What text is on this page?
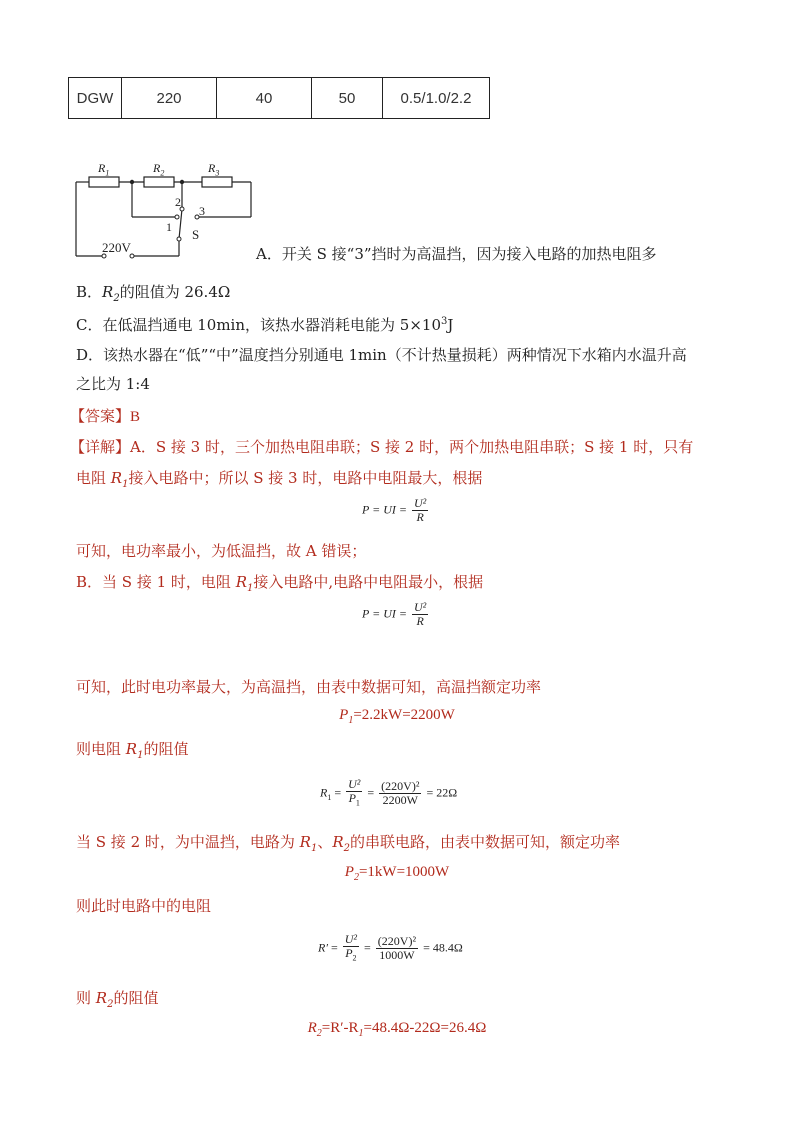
DGW	220	40	50	0.5/1.0/2.2
$R_1$	$R_2$	$R_3$
2
3
1 S
220V	A．开关 S 接“3”挡时为高温挡，因为接入电路的加热电阻多
B．$R_2$的阻值为 26.4Ω
C．在低温挡通电 10min，该热水器消耗电能为 $5\times 10^3J$
D．该热水器在“低”“中”温度挡分别通电 1min（不计热量损耗）两种情况下水箱内水温升高
之比为 1:4
【答案】B
【详解】A．S 接 3 时，三个加热电阻串联；S 接 2 时，两个加热电阻串联；S 接 1 时，只有
电阻 $R_1$接入电路中；所以 S 接 3 时，电路中电阻最大，根据
P = UI = $\frac{\text{U²}}{R}$
可知，电功率最小，为低温挡，故 A 错误；
B．当 S 接 1 时，电阻 $R_1$接入电路中,电路中电阻最小，根据
P = UI = $\frac{\text{U²}}{R}$
可知，此时电功率最大，为高温挡，由表中数据可知，高温挡额定功率
$P_1=2.2kW=2200W$
则电阻 $R_1$的阻值
$R_1 = \frac{\text{U²}}{P_1} = \frac{\text{(220V)²}}{2200W} = 22\Omega$
当 S 接 2 时，为中温挡，电路为 $R_1$、$R_2$的串联电路，由表中数据可知，额定功率
$P_2=1kW=1000W$
则此时电路中的电阻
$R' = \frac{\text{U²}}{P_2} = \frac{\text{(220V)²}}{1000W} = 48.4\Omega$
则 $R_2$的阻值
$R_2=R'-R_1=48.4\Omega-22\Omega=26.4\Omega$
